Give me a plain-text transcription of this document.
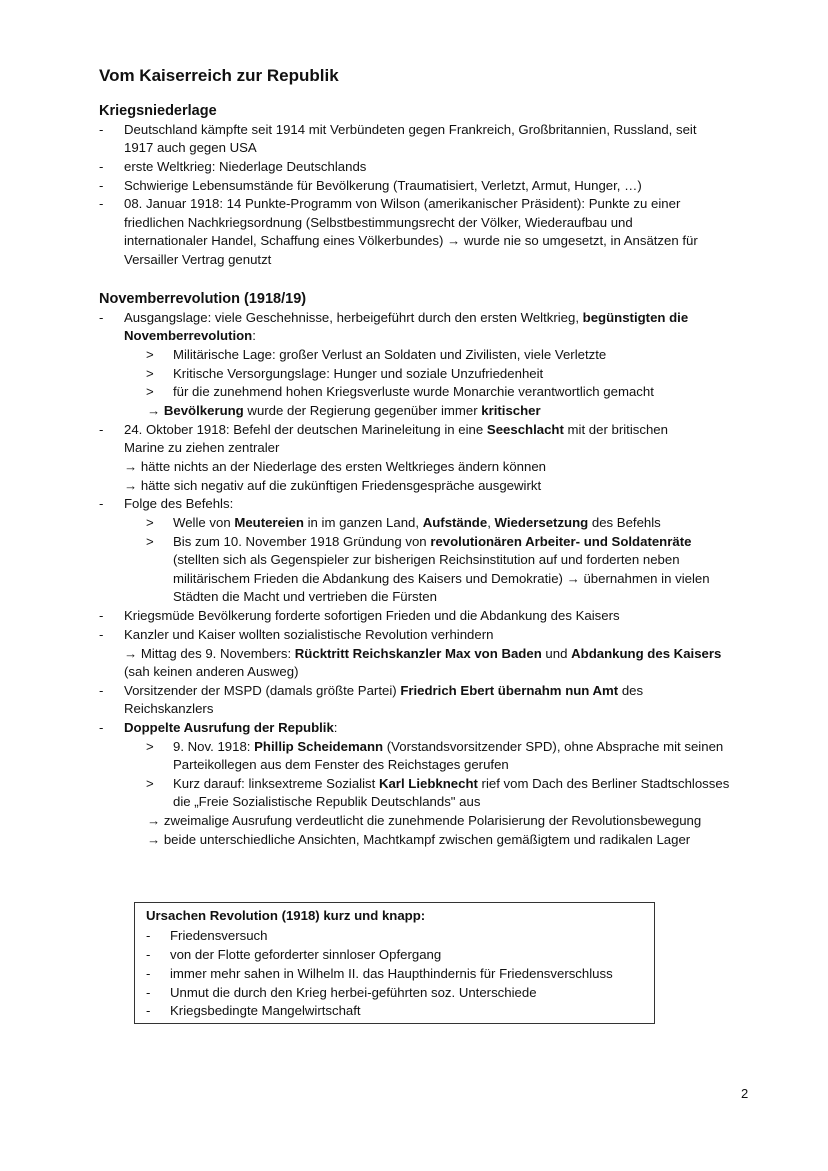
Vom Kaiserreich zur Republik
Kriegsniederlage
- Deutschland kämpfte seit 1914 mit Verbündeten gegen Frankreich, Großbritannien, Russland, seit
1917 auch gegen USA
- erste Weltkrieg: Niederlage Deutschlands
- Schwierige Lebensumstände für Bevölkerung (Traumatisiert, Verletzt, Armut, Hunger, …)
- 08. Januar 1918: 14 Punkte-Programm von Wilson (amerikanischer Präsident): Punkte zu einer
friedlichen Nachkriegsordnung (Selbstbestimmungsrecht der Völker, Wiederaufbau und
internationaler Handel, Schaffung eines Völkerbundes) → wurde nie so umgesetzt, in Ansätzen für
Versailler Vertrag genutzt
Novemberrevolution (1918/19)
- Ausgangslage: viele Geschehnisse, herbeigeführt durch den ersten Weltkrieg, begünstigten die
Novemberrevolution:
> Militärische Lage: großer Verlust an Soldaten und Zivilisten, viele Verletzte
> Kritische Versorgungslage: Hunger und soziale Unzufriedenheit
> für die zunehmend hohen Kriegsverluste wurde Monarchie verantwortlich gemacht
→ Bevölkerung wurde der Regierung gegenüber immer kritischer
- 24. Oktober 1918: Befehl der deutschen Marineleitung in eine Seeschlacht mit der britischen
Marine zu ziehen zentraler
→ hätte nichts an der Niederlage des ersten Weltkrieges ändern können
→ hätte sich negativ auf die zukünftigen Friedensgespräche ausgewirkt
- Folge des Befehls:
> Welle von Meutereien in im ganzen Land, Aufstände, Wiedersetzung des Befehls
> Bis zum 10. November 1918 Gründung von revolutionären Arbeiter- und Soldatenräte
(stellten sich als Gegenspieler zur bisherigen Reichsinstitution auf und forderten neben
militärischem Frieden die Abdankung des Kaisers und Demokratie) → übernahmen in vielen
Städten die Macht und vertrieben die Fürsten
- Kriegsmüde Bevölkerung forderte sofortigen Frieden und die Abdankung des Kaisers
- Kanzler und Kaiser wollten sozialistische Revolution verhindern
→ Mittag des 9. Novembers: Rücktritt Reichskanzler Max von Baden und Abdankung des Kaisers
(sah keinen anderen Ausweg)
- Vorsitzender der MSPD (damals größte Partei) Friedrich Ebert übernahm nun Amt des
Reichskanzlers
- Doppelte Ausrufung der Republik:
> 9. Nov. 1918: Phillip Scheidemann (Vorstandsvorsitzender SPD), ohne Absprache mit seinen
Parteikollegen aus dem Fenster des Reichstages gerufen
> Kurz darauf: linksextreme Sozialist Karl Liebknecht rief vom Dach des Berliner Stadtschlosses
die „Freie Sozialistische Republik Deutschlands" aus
→ zweimalige Ausrufung verdeutlicht die zunehmende Polarisierung der Revolutionsbewegung
→ beide unterschiedliche Ansichten, Machtkampf zwischen gemäßigtem und radikalen Lager
Ursachen Revolution (1918) kurz und knapp:
- Friedensversuch
- von der Flotte geforderter sinnloser Opfergang
- immer mehr sahen in Wilhelm II. das Haupthindernis für Friedensverschluss
- Unmut die durch den Krieg herbei-geführten soz. Unterschiede
- Kriegsbedingte Mangelwirtschaft
2
